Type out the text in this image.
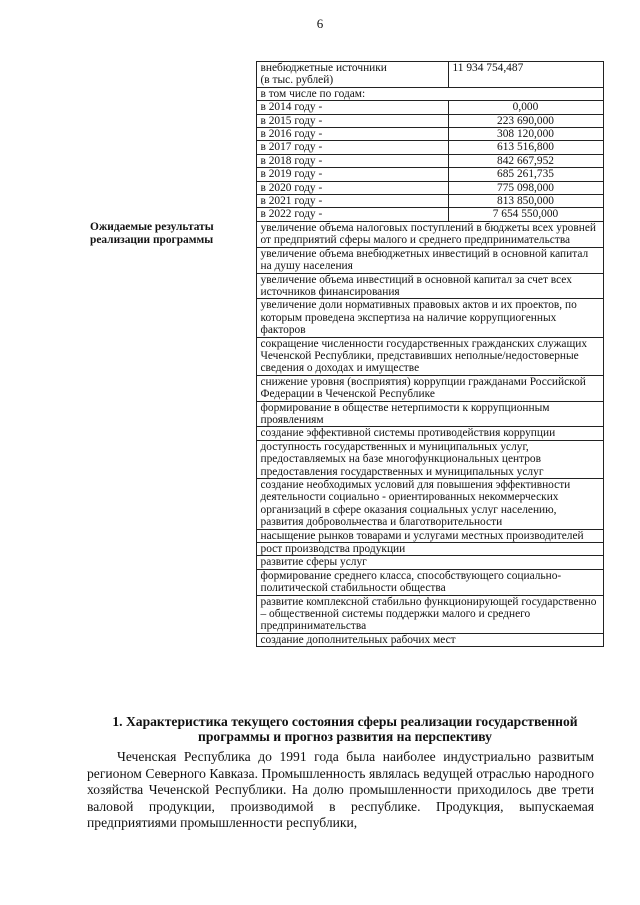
6
	внебюджетные источники
(в тыс. рублей)	11 934 754,487
	в том числе по годам:	
	в 2014 году -	0,000
	в 2015 году -	223 690,000
	в 2016 году -	308 120,000
	в 2017 году -	613 516,800
	в 2018 году -	842 667,952
	в 2019 году -	685 261,735
	в 2020 году -	775 098,000
	в 2021 году -	813 850,000
	в 2022 году -	7 654 550,000
Ожидаемые результаты реализации программы	увеличение объема налоговых поступлений в бюджеты всех уровней от предприятий сферы малого и среднего предпринимательства	
	увеличение объема внебюджетных инвестиций в основной капитал на душу населения	
	увеличение объема инвестиций в основной капитал за счет всех источников финансирования	
	увеличение доли нормативных правовых актов и их проектов, по которым проведена экспертиза на наличие коррупциогенных факторов	
	сокращение численности государственных гражданских служащих Чеченской Республики, представивших неполные/недостоверные сведения о доходах и имуществе	
	снижение уровня (восприятия) коррупции гражданами Российской Федерации в Чеченской Республике	
	формирование в обществе нетерпимости к коррупционным проявлениям	
	создание эффективной системы противодействия коррупции	
	доступность государственных и муниципальных услуг, предоставляемых на базе многофункциональных центров предоставления государственных и муниципальных услуг	
	создание необходимых условий для повышения эффективности деятельности социально - ориентированных некоммерческих организаций в сфере оказания социальных услуг населению, развития добровольчества и благотворительности	
	насыщение рынков товарами и услугами местных производителей	
	рост производства продукции	
	развитие сферы услуг	
	формирование среднего класса, способствующего социально- политической стабильности общества	
	развитие комплексной стабильно функционирующей государственно – общественной системы поддержки малого и среднего предпринимательства	
	создание дополнительных рабочих мест	
1. Характеристика текущего состояния сферы реализации государственной программы и прогноз развития на перспективу

Чеченская Республика до 1991 года была наиболее индустриально развитым регионом Северного Кавказа. Промышленность являлась ведущей отраслью народного хозяйства Чеченской Республики. На долю промышленности приходилось две трети валовой продукции, производимой в республике. Продукция, выпускаемая предприятиями промышленности республики,
